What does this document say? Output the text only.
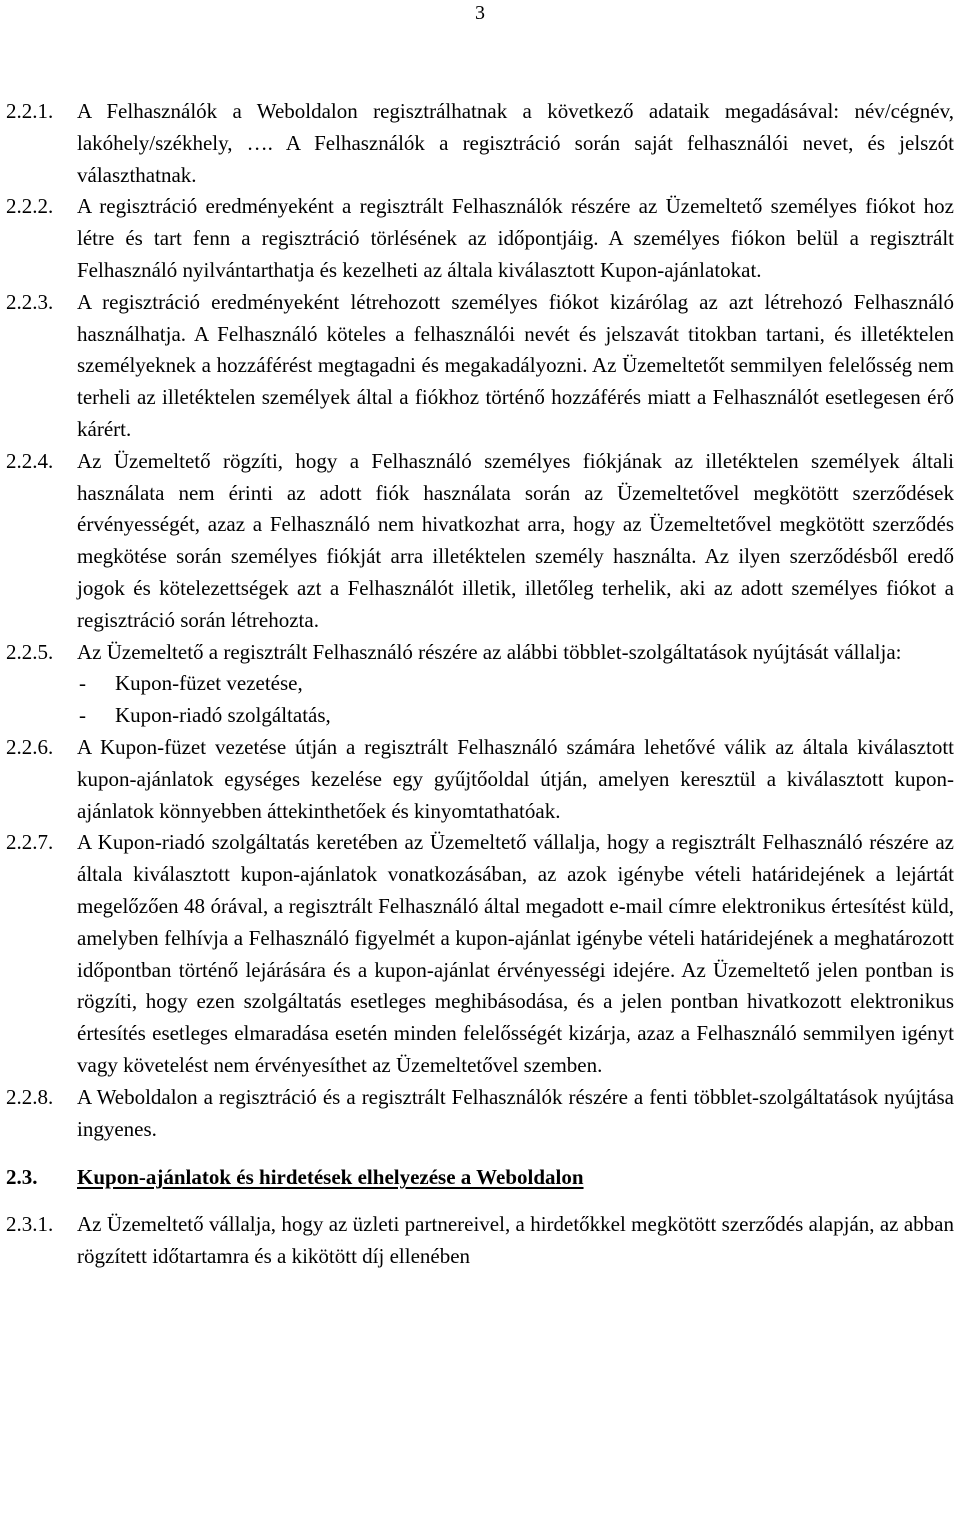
3
2.2.1. A Felhasználók a Weboldalon regisztrálhatnak a következő adataik megadásával: név/cégnév, lakóhely/székhely, …. A Felhasználók a regisztráció során saját felhasználói nevet, és jelszót választhatnak.
2.2.2. A regisztráció eredményeként a regisztrált Felhasználók részére az Üzemeltető személyes fiókot hoz létre és tart fenn a regisztráció törlésének az időpontjáig. A személyes fiókon belül a regisztrált Felhasználó nyilvántarthatja és kezelheti az általa kiválasztott Kupon-ajánlatokat.
2.2.3. A regisztráció eredményeként létrehozott személyes fiókot kizárólag az azt létrehozó Felhasználó használhatja. A Felhasználó köteles a felhasználói nevét és jelszavát titokban tartani, és illetéktelen személyeknek a hozzáférést megtagadni és megakadályozni. Az Üzemeltetőt semmilyen felelősség nem terheli az illetéktelen személyek által a fiókhoz történő hozzáférés miatt a Felhasználót esetlegesen érő kárért.
2.2.4. Az Üzemeltető rögzíti, hogy a Felhasználó személyes fiókjának az illetéktelen személyek általi használata nem érinti az adott fiók használata során az Üzemeltetővel megkötött szerződések érvényességét, azaz a Felhasználó nem hivatkozhat arra, hogy az Üzemeltetővel megkötött szerződés megkötése során személyes fiókját arra illetéktelen személy használta. Az ilyen szerződésből eredő jogok és kötelezettségek azt a Felhasználót illetik, illetőleg terhelik, aki az adott személyes fiókot a regisztráció során létrehozta.
2.2.5. Az Üzemeltető a regisztrált Felhasználó részére az alábbi többlet-szolgáltatások nyújtását vállalja:
- Kupon-füzet vezetése,
- Kupon-riadó szolgáltatás,
2.2.6. A Kupon-füzet vezetése útján a regisztrált Felhasználó számára lehetővé válik az általa kiválasztott kupon-ajánlatok egységes kezelése egy gyűjtőoldal útján, amelyen keresztül a kiválasztott kupon-ajánlatok könnyebben áttekinthetőek és kinyomtathatóak.
2.2.7. A Kupon-riadó szolgáltatás keretében az Üzemeltető vállalja, hogy a regisztrált Felhasználó részére az általa kiválasztott kupon-ajánlatok vonatkozásában, az azok igénybe vételi határidejének a lejártát megelőzően 48 órával, a regisztrált Felhasználó által megadott e-mail címre elektronikus értesítést küld, amelyben felhívja a Felhasználó figyelmét a kupon-ajánlat igénybe vételi határidejének a meghatározott időpontban történő lejárására és a kupon-ajánlat érvényességi idejére. Az Üzemeltető jelen pontban is rögzíti, hogy ezen szolgáltatás esetleges meghibásodása, és a jelen pontban hivatkozott elektronikus értesítés esetleges elmaradása esetén minden felelősségét kizárja, azaz a Felhasználó semmilyen igényt vagy követelést nem érvényesíthet az Üzemeltetővel szemben.
2.2.8. A Weboldalon a regisztráció és a regisztrált Felhasználók részére a fenti többlet-szolgáltatások nyújtása ingyenes.
2.3. Kupon-ajánlatok és hirdetések elhelyezése a Weboldalon
2.3.1. Az Üzemeltető vállalja, hogy az üzleti partnereivel, a hirdetőkkel megkötött szerződés alapján, az abban rögzített időtartamra és a kikötött díj ellenében
